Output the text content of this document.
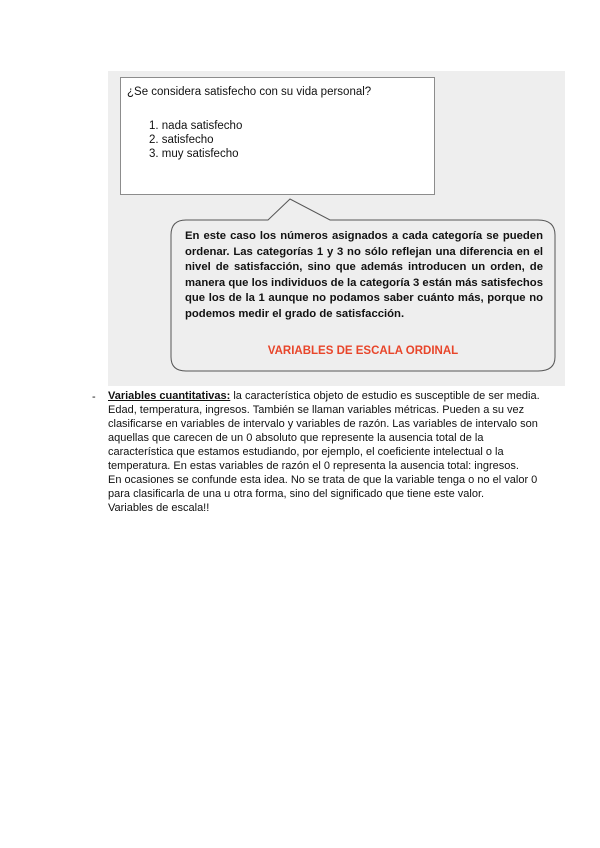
¿Se considera satisfecho con su vida personal?
1. nada satisfecho
2. satisfecho
3. muy satisfecho
En este caso los números asignados a cada categoría se pueden ordenar. Las categorías 1 y 3 no sólo reflejan una diferencia en el nivel de satisfacción, sino que además introducen un orden, de manera que los individuos de la categoría 3 están más satisfechos que los de la 1 aunque no podamos saber cuánto más, porque no podemos medir el grado de satisfacción.
VARIABLES DE ESCALA ORDINAL
- Variables cuantitativas: la característica objeto de estudio es susceptible de ser media. Edad, temperatura, ingresos. También se llaman variables métricas. Pueden a su vez clasificarse en variables de intervalo y variables de razón. Las variables de intervalo son aquellas que carecen de un 0 absoluto que represente la ausencia total de la característica que estamos estudiando, por ejemplo, el coeficiente intelectual o la temperatura. En estas variables de razón el 0 representa la ausencia total: ingresos.

En ocasiones se confunde esta idea. No se trata de que la variable tenga o no el valor 0 para clasificarla de una u otra forma, sino del significado que tiene este valor.

Variables de escala!!
